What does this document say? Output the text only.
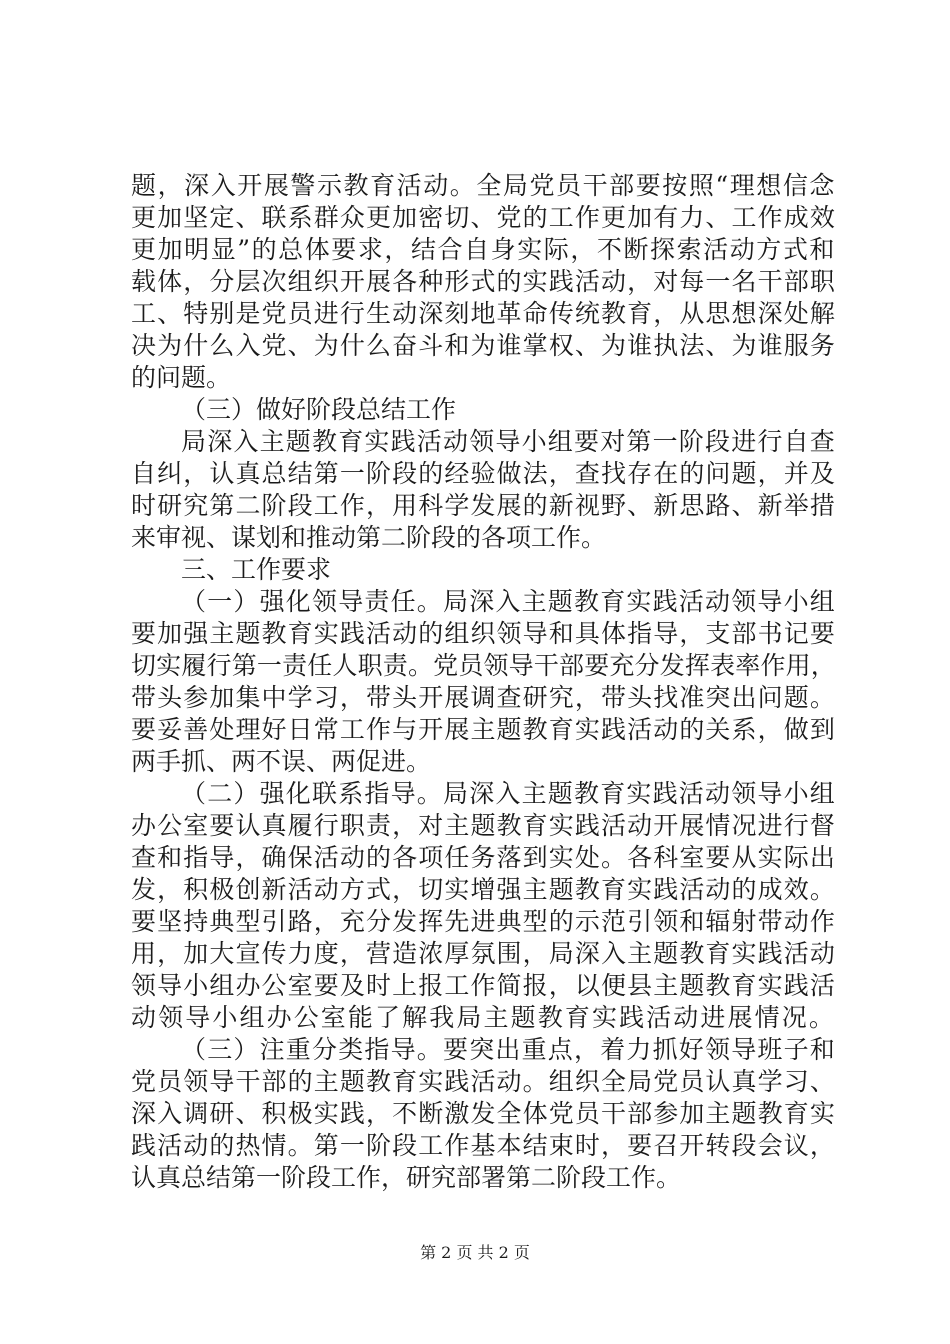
题，深入开展警示教育活动。全局党员干部要按照“理想信念
更加坚定、联系群众更加密切、党的工作更加有力、工作成效
更加明显”的总体要求，结合自身实际，不断探索活动方式和
载体，分层次组织开展各种形式的实践活动，对每一名干部职
工、特别是党员进行生动深刻地革命传统教育，从思想深处解
决为什么入党、为什么奋斗和为谁掌权、为谁执法、为谁服务
的问题。
（三）做好阶段总结工作
局深入主题教育实践活动领导小组要对第一阶段进行自查
自纠，认真总结第一阶段的经验做法，查找存在的问题，并及
时研究第二阶段工作，用科学发展的新视野、新思路、新举措
来审视、谋划和推动第二阶段的各项工作。
三、工作要求
（一）强化领导责任。局深入主题教育实践活动领导小组
要加强主题教育实践活动的组织领导和具体指导，支部书记要
切实履行第一责任人职责。党员领导干部要充分发挥表率作用，
带头参加集中学习，带头开展调查研究，带头找准突出问题。
要妥善处理好日常工作与开展主题教育实践活动的关系，做到
两手抓、两不误、两促进。
（二）强化联系指导。局深入主题教育实践活动领导小组
办公室要认真履行职责，对主题教育实践活动开展情况进行督
查和指导，确保活动的各项任务落到实处。各科室要从实际出
发，积极创新活动方式，切实增强主题教育实践活动的成效。
要坚持典型引路，充分发挥先进典型的示范引领和辐射带动作
用，加大宣传力度，营造浓厚氛围，局深入主题教育实践活动
领导小组办公室要及时上报工作简报，以便县主题教育实践活
动领导小组办公室能了解我局主题教育实践活动进展情况。
（三）注重分类指导。要突出重点，着力抓好领导班子和
党员领导干部的主题教育实践活动。组织全局党员认真学习、
深入调研、积极实践，不断激发全体党员干部参加主题教育实
践活动的热情。第一阶段工作基本结束时，要召开转段会议，
认真总结第一阶段工作，研究部署第二阶段工作。
第 2 页 共 2 页
